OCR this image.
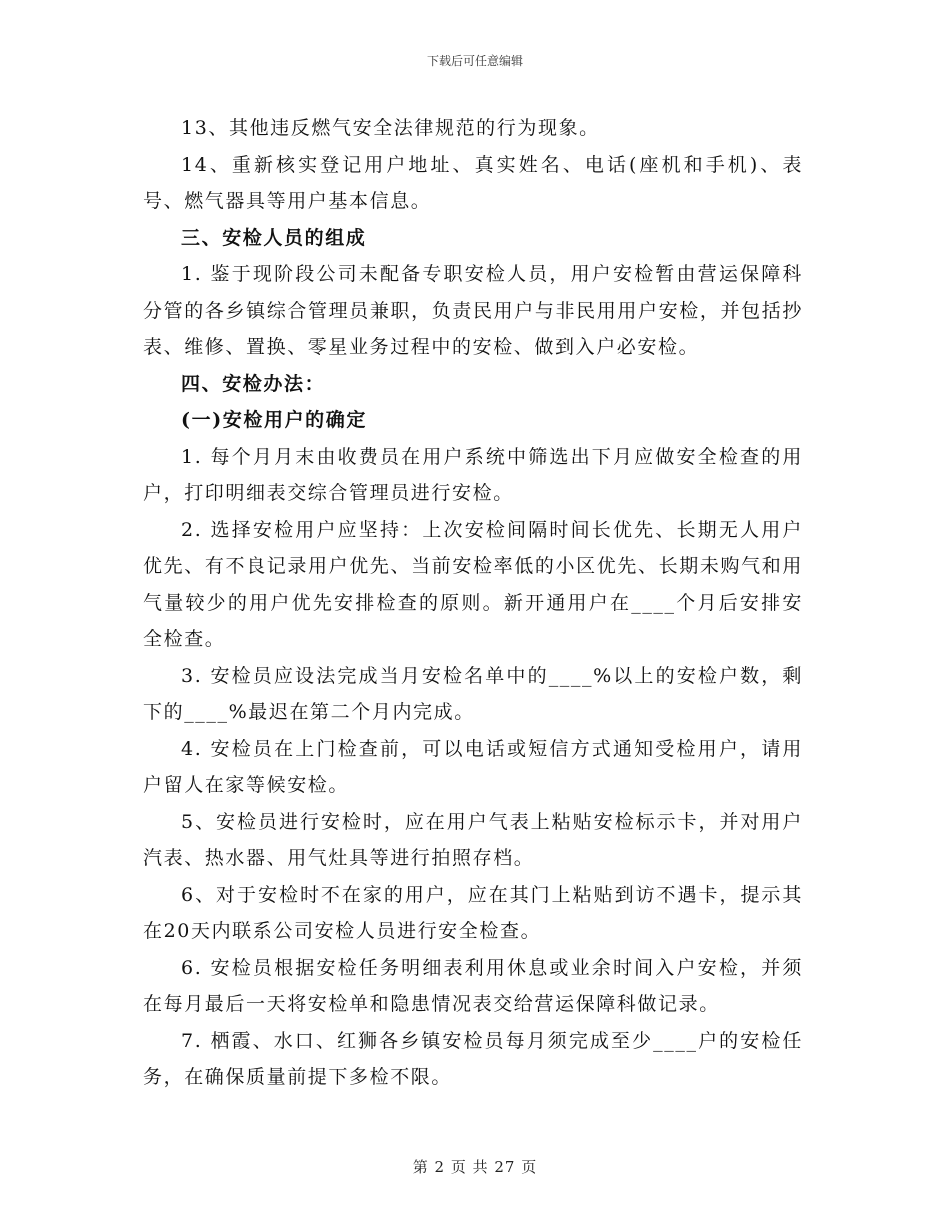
下载后可任意编辑

13、其他违反燃气安全法律规范的行为现象。

14、重新核实登记用户地址、真实姓名、电话(座机和手机)、表号、燃气器具等用户基本信息。

三、安检人员的组成

1. 鉴于现阶段公司未配备专职安检人员，用户安检暂由营运保障科分管的各乡镇综合管理员兼职，负责民用户与非民用用户安检，并包括抄表、维修、置换、零星业务过程中的安检、做到入户必安检。

四、安检办法：

(一)安检用户的确定

1. 每个月月末由收费员在用户系统中筛选出下月应做安全检查的用户，打印明细表交综合管理员进行安检。

2. 选择安检用户应坚持：上次安检间隔时间长优先、长期无人用户优先、有不良记录用户优先、当前安检率低的小区优先、长期未购气和用气量较少的用户优先安排检查的原则。新开通用户在____个月后安排安全检查。

3. 安检员应设法完成当月安检名单中的____%以上的安检户数，剩下的____%最迟在第二个月内完成。

4. 安检员在上门检查前，可以电话或短信方式通知受检用户，请用户留人在家等候安检。

5、安检员进行安检时，应在用户气表上粘贴安检标示卡，并对用户汽表、热水器、用气灶具等进行拍照存档。

6、对于安检时不在家的用户，应在其门上粘贴到访不遇卡，提示其在20天内联系公司安检人员进行安全检查。

6. 安检员根据安检任务明细表利用休息或业余时间入户安检，并须在每月最后一天将安检单和隐患情况表交给营运保障科做记录。

7. 栖霞、水口、红狮各乡镇安检员每月须完成至少____户的安检任务，在确保质量前提下多检不限。

第 2 页 共 27 页
